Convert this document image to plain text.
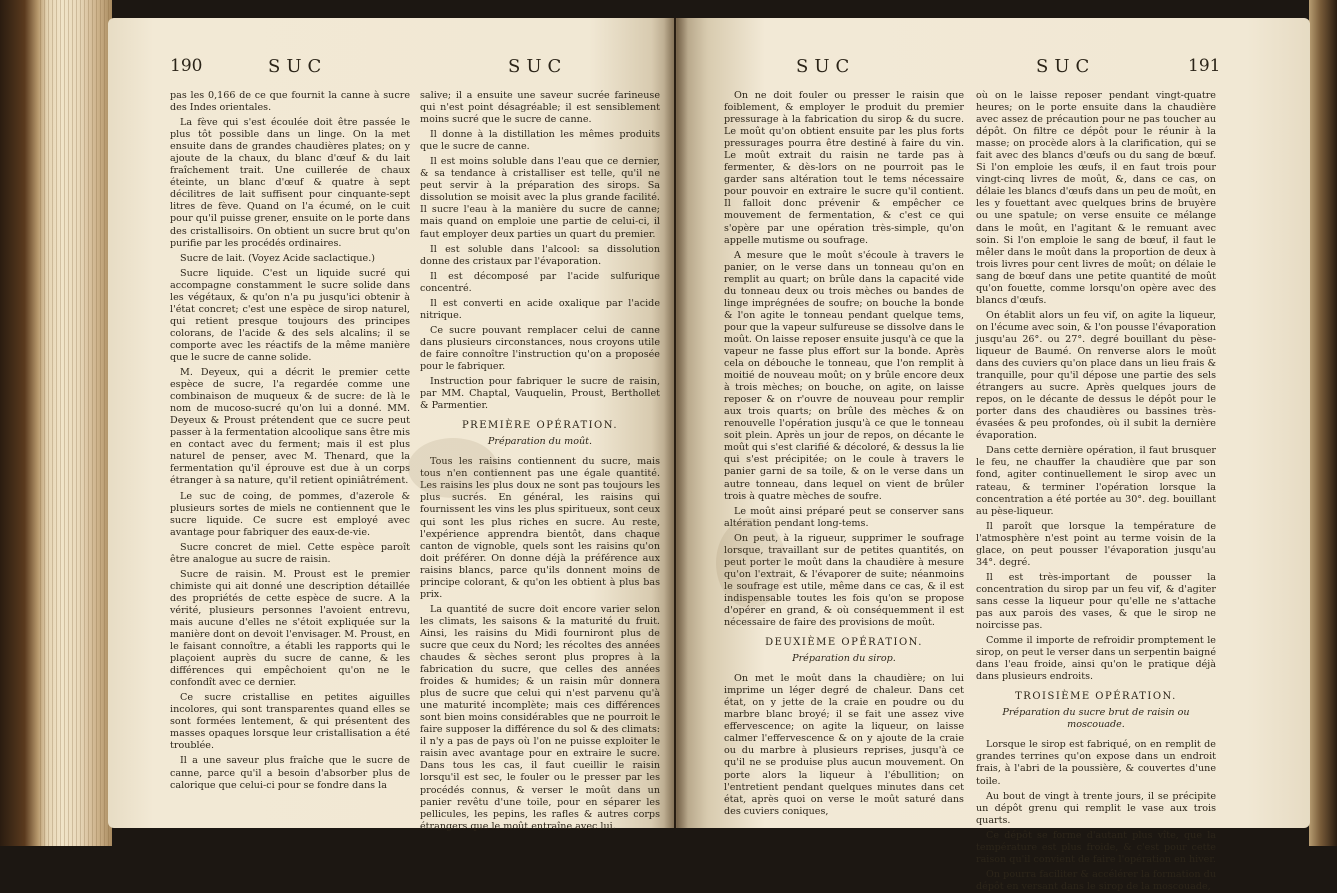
190	SUC	SUC

pas les 0,166 de ce que fournit la canne à sucre des Indes orientales.

La fève qui s'est écoulée doit être passée le plus tôt possible dans un linge. On la met ensuite dans de grandes chaudières plates; on y ajoute de la chaux, du blanc d'œuf & du lait fraîchement trait. Une cuillerée de chaux éteinte, un blanc d'œuf & quatre à sept décilitres de lait suffisent pour cinquante-sept litres de fève. Quand on l'a écumé, on le cuit pour qu'il puisse grener, ensuite on le porte dans des cristallisoirs. On obtient un sucre brut qu'on purifie par les procédés ordinaires.

Sucre de lait. (Voyez Acide saclactique.)

Sucre liquide. C'est un liquide sucré qui accompagne constamment le sucre solide dans les végétaux, & qu'on n'a pu jusqu'ici obtenir à l'état concret; c'est une espèce de sirop naturel, qui retient presque toujours des principes colorans, de l'acide & des sels alcalins; il se comporte avec les réactifs de la même manière que le sucre de canne solide.

M. Deyeux, qui a décrit le premier cette espèce de sucre, l'a regardée comme une combinaison de muqueux & de sucre: de là le nom de mucoso-sucré qu'on lui a donné. MM. Deyeux & Proust prétendent que ce sucre peut passer à la fermentation alcoolique sans être mis en contact avec du ferment; mais il est plus naturel de penser, avec M. Thenard, que la fermentation qu'il éprouve est due à un corps étranger à sa nature, qu'il retient opiniâtrément.

Le suc de coing, de pommes, d'azerole & plusieurs sortes de miels ne contiennent que le sucre liquide. Ce sucre est employé avec avantage pour fabriquer des eaux-de-vie.

Sucre concret de miel. Cette espèce paroît être analogue au sucre de raisin.

Sucre de raisin. M. Proust est le premier chimiste qui ait donné une description détaillée des propriétés de cette espèce de sucre. A la vérité, plusieurs personnes l'avoient entrevu, mais aucune d'elles ne s'étoit expliquée sur la manière dont on devoit l'envisager. M. Proust, en le faisant connoître, a établi les rapports qui le plaçoient auprès du sucre de canne, & les différences qui empêchoient qu'on ne le confondît avec ce dernier.

Ce sucre cristallise en petites aiguilles incolores, qui sont transparentes quand elles se sont formées lentement, & qui présentent des masses opaques lorsque leur cristallisation a été troublée.

Il a une saveur plus fraîche que le sucre de canne, parce qu'il a besoin d'absorber plus de calorique que celui-ci pour se fondre dans la

salive; il a ensuite une saveur sucrée farineuse qui n'est point désagréable; il est sensiblement moins sucré que le sucre de canne.

Il donne à la distillation les mêmes produits que le sucre de canne.

Il est moins soluble dans l'eau que ce dernier, & sa tendance à cristalliser est telle, qu'il ne peut servir à la préparation des sirops. Sa dissolution se moisit avec la plus grande facilité. Il sucre l'eau à la manière du sucre de canne; mais quand on emploie une partie de celui-ci, il faut employer deux parties un quart du premier.

Il est soluble dans l'alcool: sa dissolution donne des cristaux par l'évaporation.

Il est décomposé par l'acide sulfurique concentré.

Il est converti en acide oxalique par l'acide nitrique.

Ce sucre pouvant remplacer celui de canne dans plusieurs circonstances, nous croyons utile de faire connoître l'instruction qu'on a proposée pour le fabriquer.

Instruction pour fabriquer le sucre de raisin, par MM. Chaptal, Vauquelin, Proust, Berthollet & Parmentier.

PREMIÈRE OPÉRATION.

Préparation du moût.

Tous les raisins contiennent du sucre, mais tous n'en contiennent pas une égale quantité. Les raisins les plus doux ne sont pas toujours les plus sucrés. En général, les raisins qui fournissent les vins les plus spiritueux, sont ceux qui sont les plus riches en sucre. Au reste, l'expérience apprendra bientôt, dans chaque canton de vignoble, quels sont les raisins qu'on doit préférer. On donne déjà la préférence aux raisins blancs, parce qu'ils donnent moins de principe colorant, & qu'on les obtient à plus bas prix.

La quantité de sucre doit encore varier selon les climats, les saisons & la maturité du fruit. Ainsi, les raisins du Midi fourniront plus de sucre que ceux du Nord; les récoltes des années chaudes & sèches seront plus propres à la fabrication du sucre, que celles des années froides & humides; & un raisin mûr donnera plus de sucre que celui qui n'est parvenu qu'à une maturité incomplète; mais ces différences sont bien moins considérables que ne pourroit le faire supposer la différence du sol & des climats: il n'y a pas de pays où l'on ne puisse exploiter le raisin avec avantage pour en extraire le sucre. Dans tous les cas, il faut cueillir le raisin lorsqu'il est sec, le fouler ou le presser par les procédés connus, & verser le moût dans un panier revêtu d'une toile, pour en séparer les pellicules, les pepins, les rafles & autres corps étrangers que le moût entraîne avec lui.

SUC	SUC	191

On ne doit fouler ou presser le raisin que foiblement, & employer le produit du premier pressurage à la fabrication du sirop & du sucre. Le moût qu'on obtient ensuite par les plus forts pressurages pourra être destiné à faire du vin. Le moût extrait du raisin ne tarde pas à fermenter, & dès-lors on ne pourroit pas le garder sans altération tout le tems nécessaire pour pouvoir en extraire le sucre qu'il contient. Il falloit donc prévenir & empêcher ce mouvement de fermentation, & c'est ce qui s'opère par une opération très-simple, qu'on appelle mutisme ou soufrage.

A mesure que le moût s'écoule à travers le panier, on le verse dans un tonneau qu'on en remplit au quart; on brûle dans la capacité vide du tonneau deux ou trois mèches ou bandes de linge imprégnées de soufre; on bouche la bonde & l'on agite le tonneau pendant quelque tems, pour que la vapeur sulfureuse se dissolve dans le moût. On laisse reposer ensuite jusqu'à ce que la vapeur ne fasse plus effort sur la bonde. Après cela on débouche le tonneau, que l'on remplit à moitié de nouveau moût; on y brûle encore deux à trois mèches; on bouche, on agite, on laisse reposer & on r'ouvre de nouveau pour remplir aux trois quarts; on brûle des mèches & on renouvelle l'opération jusqu'à ce que le tonneau soit plein. Après un jour de repos, on décante le moût qui s'est clarifié & décoloré, & dessus la lie qui s'est précipitée; on le coule à travers le panier garni de sa toile, & on le verse dans un autre tonneau, dans lequel on vient de brûler trois à quatre mèches de soufre.

Le moût ainsi préparé peut se conserver sans altération pendant long-tems.

On peut, à la rigueur, supprimer le soufrage lorsque, travaillant sur de petites quantités, on peut porter le moût dans la chaudière à mesure qu'on l'extrait, & l'évaporer de suite; néanmoins le soufrage est utile, même dans ce cas, & il est indispensable toutes les fois qu'on se propose d'opérer en grand, & où conséquemment il est nécessaire de faire des provisions de moût.

DEUXIÈME OPÉRATION.

Préparation du sirop.

On met le moût dans la chaudière; on lui imprime un léger degré de chaleur. Dans cet état, on y jette de la craie en poudre ou du marbre blanc broyé; il se fait une assez vive effervescence; on agite la liqueur, on laisse calmer l'effervescence & on y ajoute de la craie ou du marbre à plusieurs reprises, jusqu'à ce qu'il ne se produise plus aucun mouvement. On porte alors la liqueur à l'ébullition; on l'entretient pendant quelques minutes dans cet état, après quoi on verse le moût saturé dans des cuviers coniques,

où on le laisse reposer pendant vingt-quatre heures; on le porte ensuite dans la chaudière avec assez de précaution pour ne pas toucher au dépôt. On filtre ce dépôt pour le réunir à la masse; on procède alors à la clarification, qui se fait avec des blancs d'œufs ou du sang de bœuf. Si l'on emploie les œufs, il en faut trois pour vingt-cinq livres de moût, &, dans ce cas, on délaie les blancs d'œufs dans un peu de moût, en les y fouettant avec quelques brins de bruyère ou une spatule; on verse ensuite ce mélange dans le moût, en l'agitant & le remuant avec soin. Si l'on emploie le sang de bœuf, il faut le mêler dans le moût dans la proportion de deux à trois livres pour cent livres de moût; on délaie le sang de bœuf dans une petite quantité de moût qu'on fouette, comme lorsqu'on opère avec des blancs d'œufs.

On établit alors un feu vif, on agite la liqueur, on l'écume avec soin, & l'on pousse l'évaporation jusqu'au 26°. ou 27°. degré bouillant du pèse-liqueur de Baumé. On renverse alors le moût dans des cuviers qu'on place dans un lieu frais & tranquille, pour qu'il dépose une partie des sels étrangers au sucre. Après quelques jours de repos, on le décante de dessus le dépôt pour le porter dans des chaudières ou bassines très-évasées & peu profondes, où il subit la dernière évaporation.

Dans cette dernière opération, il faut brusquer le feu, ne chauffer la chaudière que par son fond, agiter continuellement le sirop avec un rateau, & terminer l'opération lorsque la concentration a été portée au 30°. deg. bouillant au pèse-liqueur.

Il paroît que lorsque la température de l'atmosphère n'est point au terme voisin de la glace, on peut pousser l'évaporation jusqu'au 34°. degré.

Il est très-important de pousser la concentration du sirop par un feu vif, & d'agiter sans cesse la liqueur pour qu'elle ne s'attache pas aux parois des vases, & que le sirop ne noircisse pas.

Comme il importe de refroidir promptement le sirop, on peut le verser dans un serpentin baigné dans l'eau froide, ainsi qu'on le pratique déjà dans plusieurs endroits.

TROISIÈME OPÉRATION.

Préparation du sucre brut de raisin ou moscouade.

Lorsque le sirop est fabriqué, on en remplit de grandes terrines qu'on expose dans un endroit frais, à l'abri de la poussière, & couvertes d'une toile.

Au bout de vingt à trente jours, il se précipite un dépôt grenu qui remplit le vase aux trois quarts.

Ce dépôt se forme d'autant plus vîte, que la température est plus froide, & c'est pour cette raison qu'il convient de faire l'opération en hiver.

On pourra faciliter & accélérer la formation du dépôt en versant dans le sirop de la moscouade,
